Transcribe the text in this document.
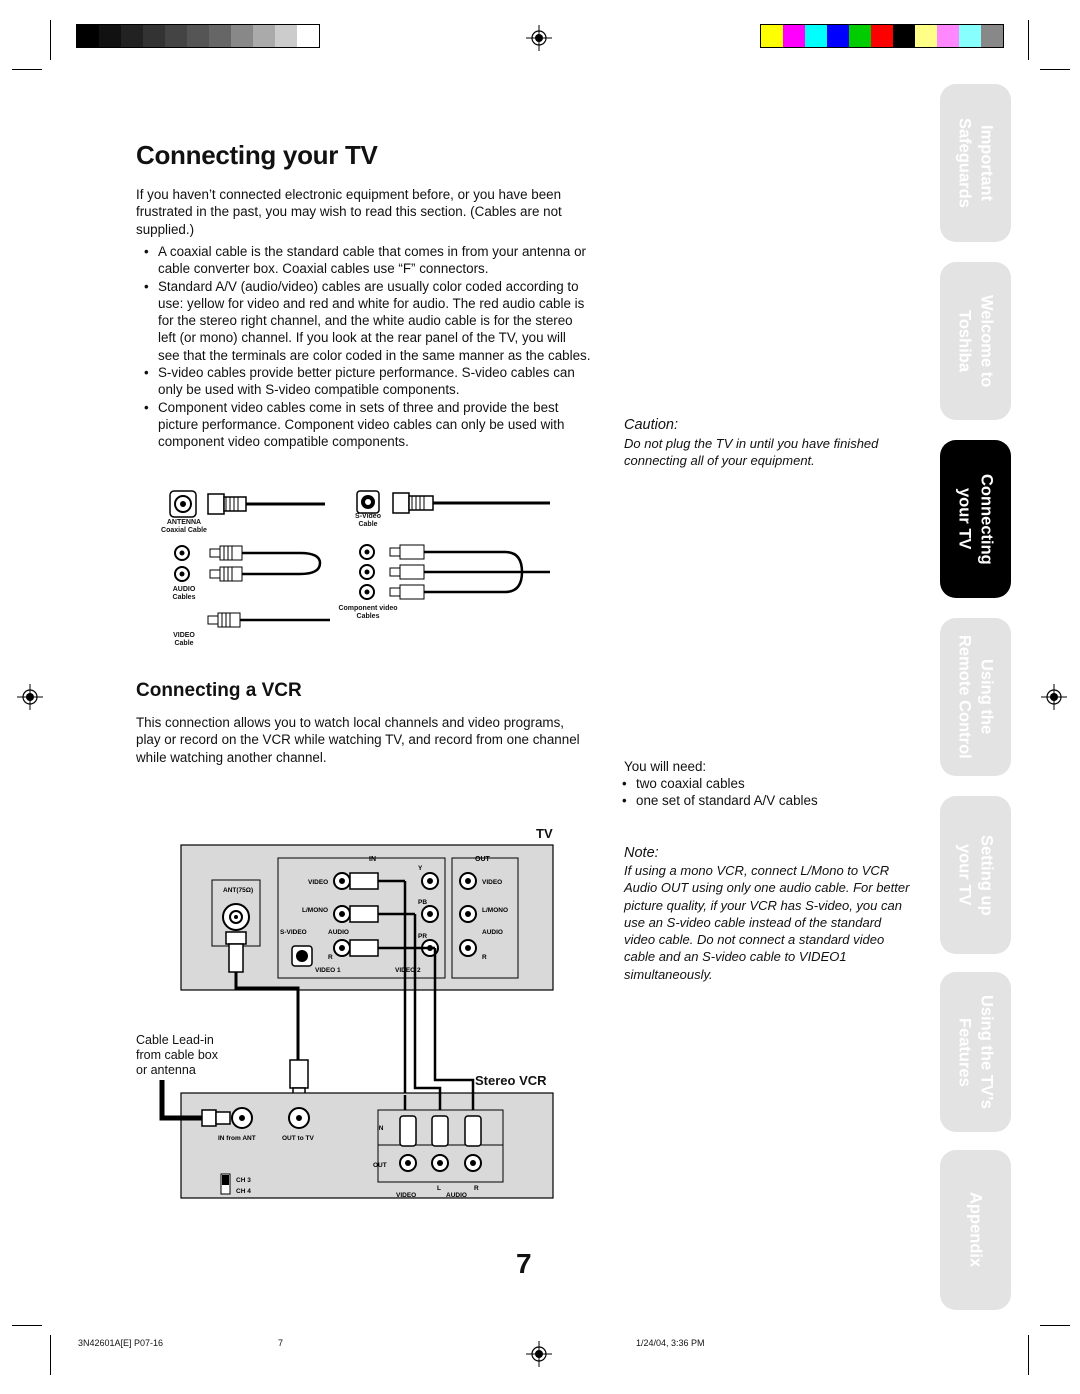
Connecting your TV
If you haven’t connected electronic equipment before, or you have been frustrated in the past, you may wish to read this section. (Cables are not supplied.)
• A coaxial cable is the standard cable that comes in from your antenna or cable converter box. Coaxial cables use “F” connectors.
• Standard A/V (audio/video) cables are usually color coded according to use: yellow for video and red and white for audio. The red audio cable is for the stereo right channel, and the white audio cable is for the stereo left (or mono) channel. If you look at the rear panel of the TV, you will see that the terminals are color coded in the same manner as the cables.
• S-video cables provide better picture performance. S-video cables can only be used with S-video compatible components.
• Component video cables come in sets of three and provide the best picture performance. Component video cables can only be used with component video compatible components.
Caution:
Do not plug the TV in until you have finished connecting all of your equipment.
ANTENNA
Coaxial Cable
S-Video
Cable
AUDIO
Cables
Component video
Cables
VIDEO
Cable
Connecting a VCR
This connection allows you to watch local channels and video programs, play or record on the VCR while watching TV, and record from one channel while watching another channel.
You will need:
• two coaxial cables
• one set of standard A/V cables
Note:
If using a mono VCR, connect L/Mono to VCR Audio OUT using only one audio cable. For better picture quality, if your VCR has S-video, you can use an S-video cable instead of the standard video cable. Do not connect a standard video cable and an S-video cable to VIDEO1 simultaneously.
IN	OUT
ANT(75Ω)
VIDEO
L/MONO
AUDIO
S-VIDEO
R
VIDEO 1	VIDEO 2
Y
PB
PR
VIDEO
L/MONO
AUDIO
R
IN from ANT	OUT to TV
CH 3
CH 4
IN
OUT
VIDEO
L	R
AUDIO
TV
Cable Lead-in
from cable box
or antenna
Stereo VCR
Important
Safeguards
Welcome to
Toshiba
Connecting
your TV
Using the
Remote Control
Setting up
your TV
Using the TV’s
Features
Appendix
7
3N42601A[E] P07-16	7	1/24/04, 3:36 PM
